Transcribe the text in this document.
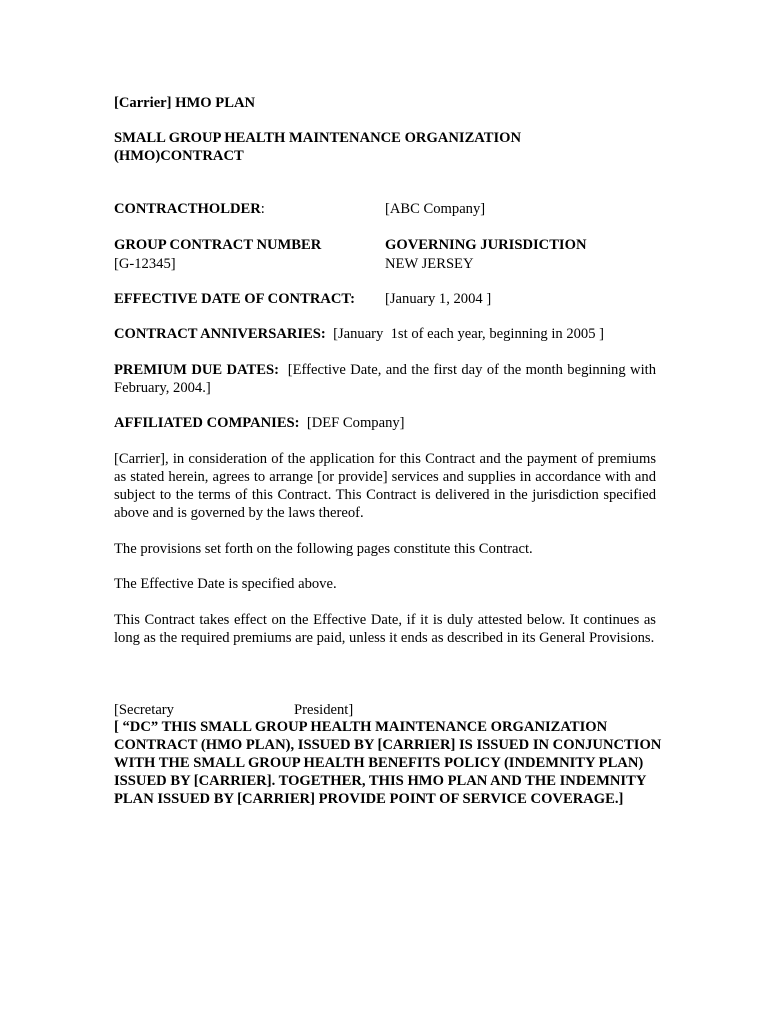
[Carrier] HMO PLAN

SMALL GROUP HEALTH MAINTENANCE ORGANIZATION

(HMO)CONTRACT

CONTRACTHOLDER:	[ABC Company]

GROUP CONTRACT NUMBER

[G-12345]

GOVERNING JURISDICTION

NEW JERSEY

EFFECTIVE DATE OF CONTRACT: [January 1, 2004 ]

CONTRACT ANNIVERSARIES: [January  1st of each year, beginning in 2005 ]

PREMIUM DUE DATES: [Effective Date, and the first day of the month beginning with February, 2004.]

AFFILIATED COMPANIES: [DEF Company]

[Carrier], in consideration of the application for this Contract and the payment of premiums as stated herein, agrees to arrange [or provide] services and supplies in accordance with and subject to the terms of this Contract. This Contract is delivered in the jurisdiction specified above and is governed by the laws thereof.

The provisions set forth on the following pages constitute this Contract.

The Effective Date is specified above.

This Contract takes effect on the Effective Date, if it is duly attested below. It continues as long as the required premiums are paid, unless it ends as described in its General Provisions.

[Secretary	President]

[ “DC” THIS SMALL GROUP HEALTH MAINTENANCE ORGANIZATION CONTRACT (HMO PLAN), ISSUED BY [CARRIER] IS ISSUED IN CONJUNCTION WITH THE SMALL GROUP HEALTH BENEFITS POLICY (INDEMNITY PLAN) ISSUED BY [CARRIER]. TOGETHER, THIS HMO PLAN AND THE INDEMNITY PLAN ISSUED BY [CARRIER] PROVIDE POINT OF SERVICE COVERAGE.]
